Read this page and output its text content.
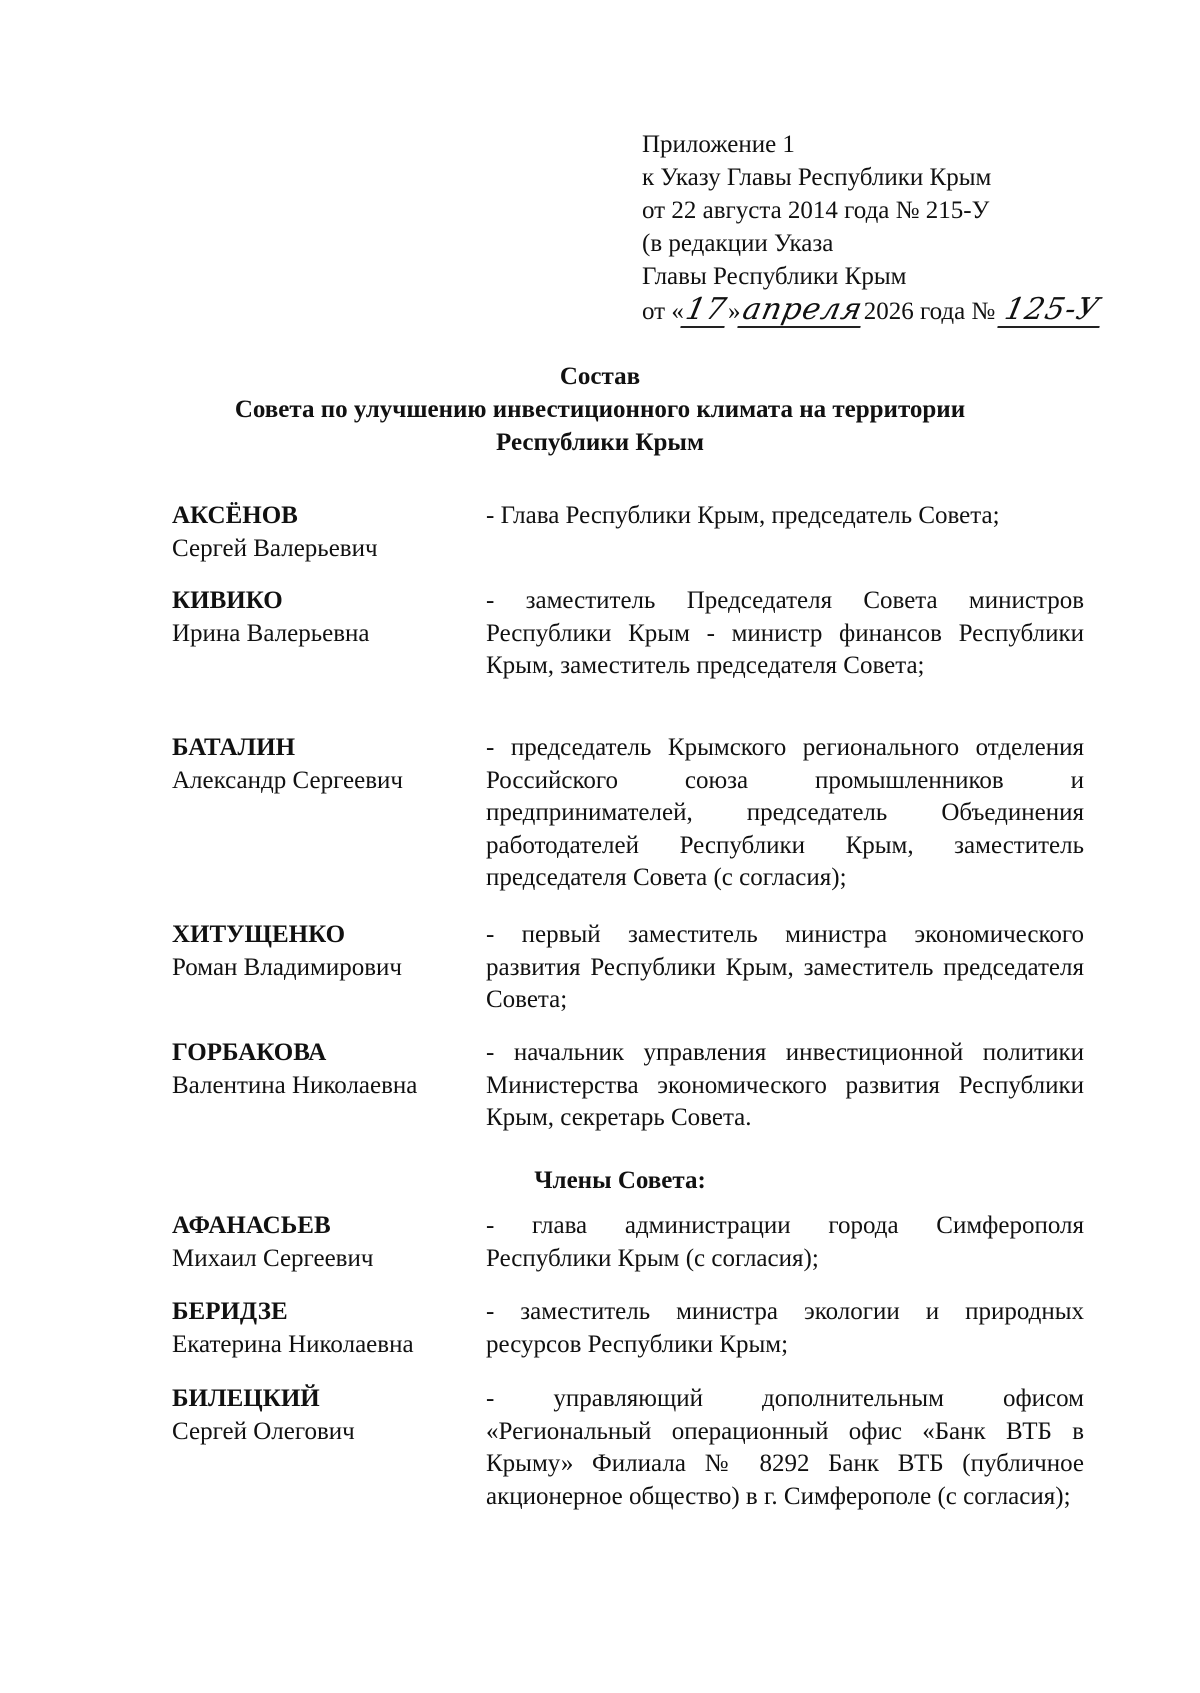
Приложение 1
к Указу Главы Республики Крым
от 22 августа 2014 года № 215-У
(в редакции Указа
Главы Республики Крым
от «17»апреля2026 года № 125-У
Состав
Совета по улучшению инвестиционного климата на территории
Республики Крым
АКСЁНОВ
Сергей Валерьевич
- Глава Республики Крым, председатель Совета;
КИВИКО
Ирина Валерьевна
- заместитель Председателя Совета министров Республики Крым - министр финансов Республики Крым, заместитель председателя Совета;
БАТАЛИН
Александр Сергеевич
- председатель Крымского регионального отделения Российского союза промышленников и предпринимателей, председатель Объединения работодателей Республики Крым, заместитель председателя Совета (с согласия);
ХИТУЩЕНКО
Роман Владимирович
- первый заместитель министра экономического развития Республики Крым, заместитель председателя Совета;
ГОРБАКОВА
Валентина Николаевна
- начальник управления инвестиционной политики Министерства экономического развития Республики Крым, секретарь Совета.
Члены Совета:
АФАНАСЬЕВ
Михаил Сергеевич
- глава администрации города Симферополя Республики Крым (с согласия);
БЕРИДЗЕ
Екатерина Николаевна
- заместитель министра экологии и природных ресурсов Республики Крым;
БИЛЕЦКИЙ
Сергей Олегович
- управляющий дополнительным офисом «Региональный операционный офис «Банк ВТБ в Крыму» Филиала № 8292 Банк ВТБ (публичное акционерное общество) в г. Симферополе (с согласия);
